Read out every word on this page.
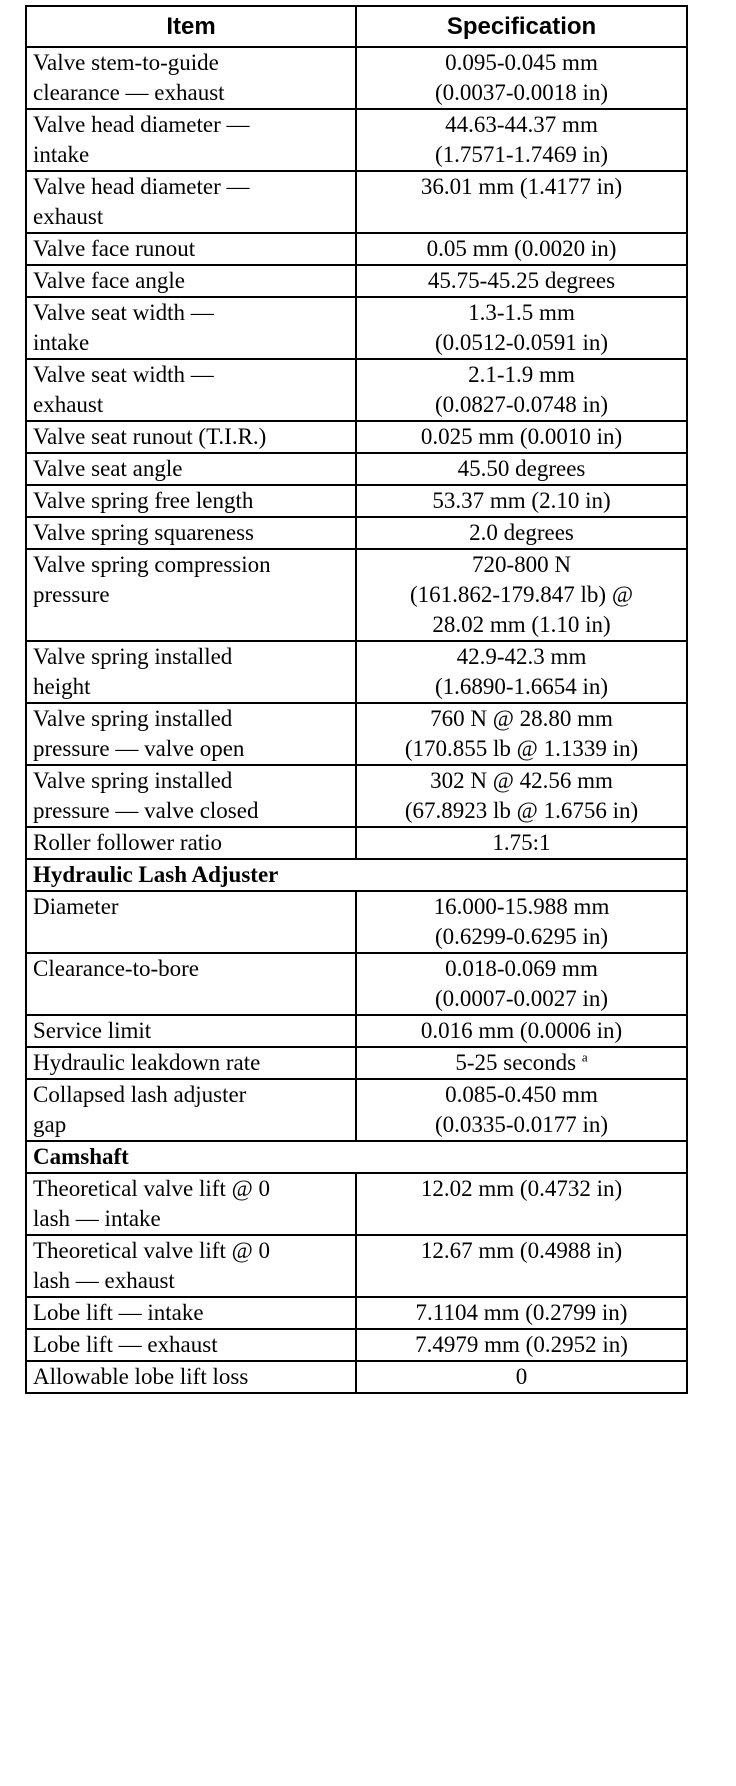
Item	Specification

Valve stem-to-guide
clearance — exhaust	0.095-0.045 mm
(0.0037-0.0018 in)

Valve head diameter —
intake	44.63-44.37 mm
(1.7571-1.7469 in)

Valve head diameter —
exhaust	36.01 mm (1.4177 in)

Valve face runout	0.05 mm (0.0020 in)

Valve face angle	45.75-45.25 degrees

Valve seat width —
intake	1.3-1.5 mm
(0.0512-0.0591 in)

Valve seat width —
exhaust	2.1-1.9 mm
(0.0827-0.0748 in)

Valve seat runout (T.I.R.)	0.025 mm (0.0010 in)

Valve seat angle	45.50 degrees

Valve spring free length	53.37 mm (2.10 in)

Valve spring squareness	2.0 degrees

Valve spring compression
pressure	720-800 N
(161.862-179.847 lb) @
28.02 mm (1.10 in)

Valve spring installed
height	42.9-42.3 mm
(1.6890-1.6654 in)

Valve spring installed
pressure — valve open	760 N @ 28.80 mm
(170.855 lb @ 1.1339 in)

Valve spring installed
pressure — valve closed	302 N @ 42.56 mm
(67.8923 lb @ 1.6756 in)

Roller follower ratio	1.75:1

Hydraulic Lash Adjuster	

Diameter	16.000-15.988 mm
(0.6299-0.6295 in)

Clearance-to-bore	0.018-0.069 mm
(0.0007-0.0027 in)

Service limit	0.016 mm (0.0006 in)

Hydraulic leakdown rate	5-25 seconds $^a$

Collapsed lash adjuster
gap	0.085-0.450 mm
(0.0335-0.0177 in)

Camshaft	

Theoretical valve lift @ 0
lash — intake	12.02 mm (0.4732 in)

Theoretical valve lift @ 0
lash — exhaust	12.67 mm (0.4988 in)

Lobe lift — intake	7.1104 mm (0.2799 in)

Lobe lift — exhaust	7.4979 mm (0.2952 in)

Allowable lobe lift loss	0
